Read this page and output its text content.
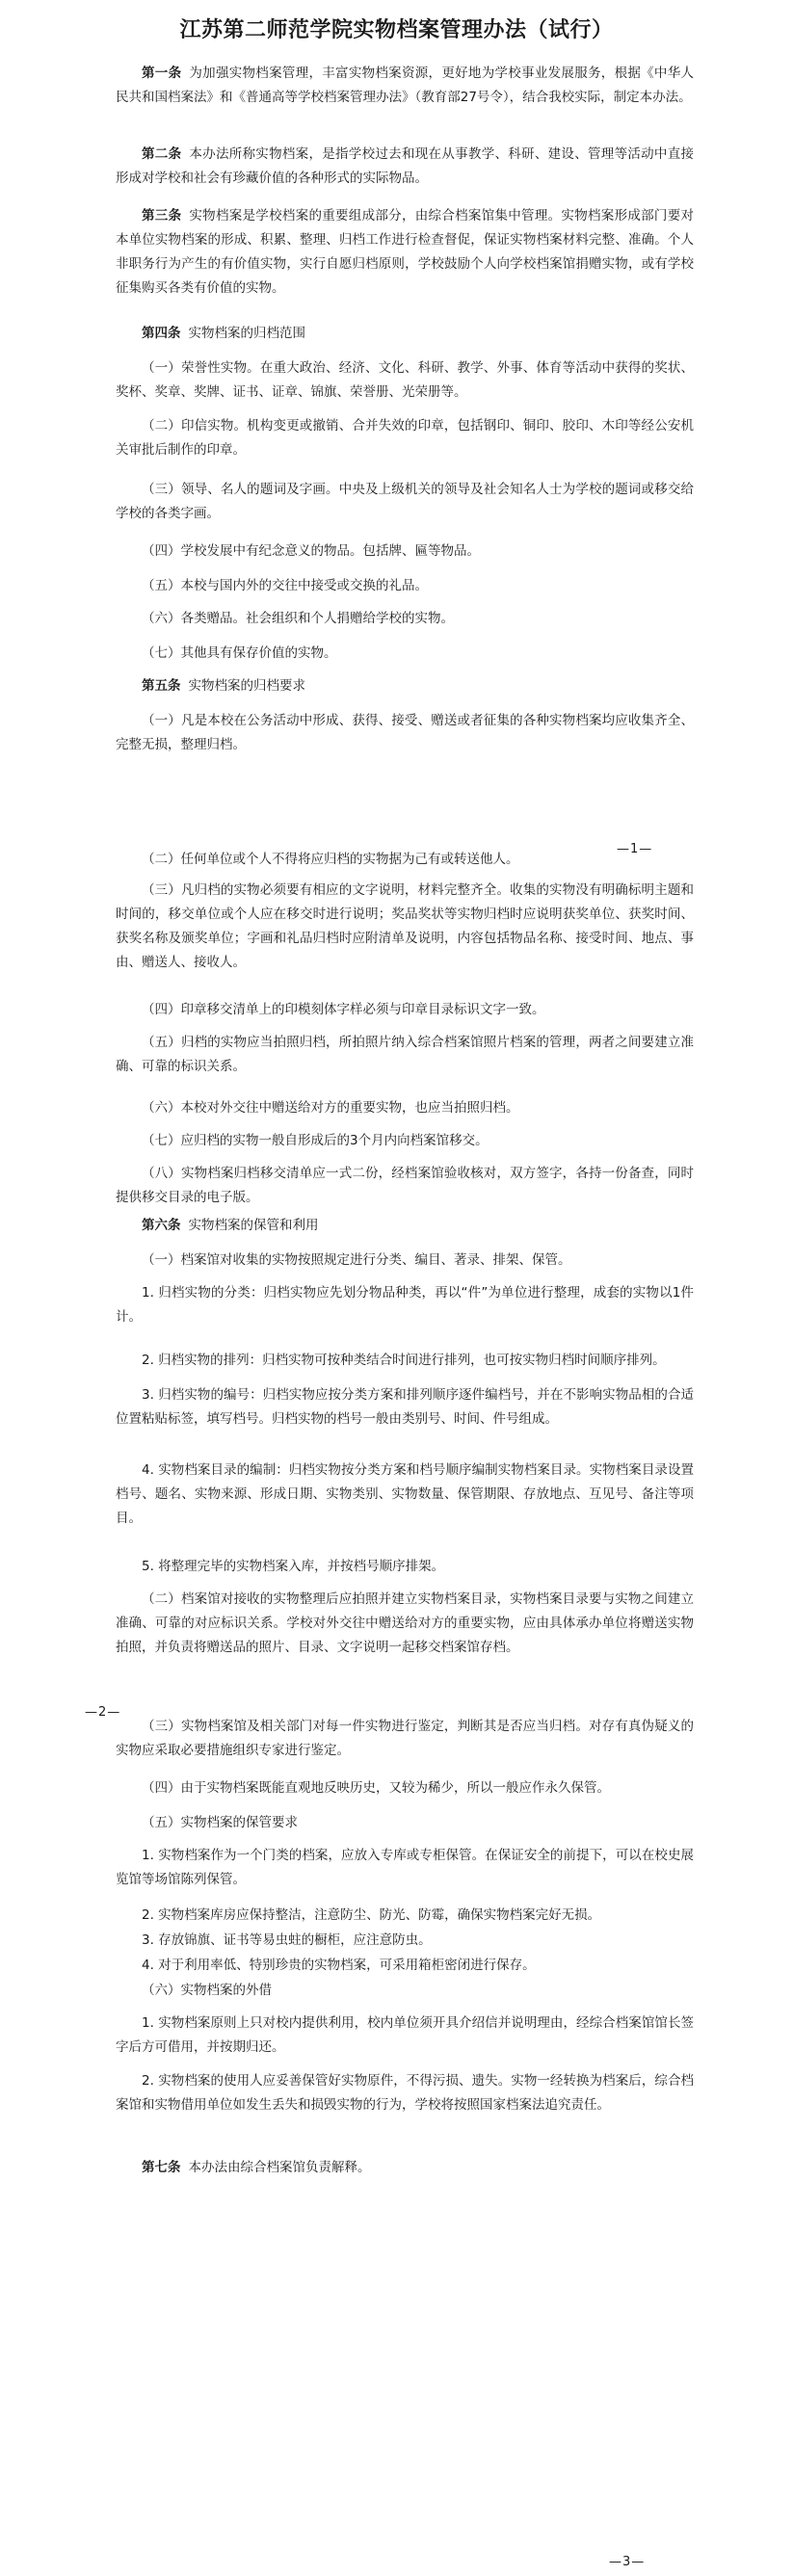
江苏第二师范学院实物档案管理办法（试行）

第一条 为加强实物档案管理，丰富实物档案资源，更好地为学校事业发展服务，根据《中华人民共和国档案法》和《普通高等学校档案管理办法》（教育部27号令），结合我校实际，制定本办法。

第二条 本办法所称实物档案，是指学校过去和现在从事教学、科研、建设、管理等活动中直接形成对学校和社会有珍藏价值的各种形式的实际物品。

第三条 实物档案是学校档案的重要组成部分，由综合档案馆集中管理。实物档案形成部门要对本单位实物档案的形成、积累、整理、归档工作进行检查督促，保证实物档案材料完整、准确。个人非职务行为产生的有价值实物，实行自愿归档原则，学校鼓励个人向学校档案馆捐赠实物，或有学校征集购买各类有价值的实物。

第四条 实物档案的归档范围

（一）荣誉性实物。在重大政治、经济、文化、科研、教学、外事、体育等活动中获得的奖状、奖杯、奖章、奖牌、证书、证章、锦旗、荣誉册、光荣册等。

（二）印信实物。机构变更或撤销、合并失效的印章，包括钢印、铜印、胶印、木印等经公安机关审批后制作的印章。

（三）领导、名人的题词及字画。中央及上级机关的领导及社会知名人士为学校的题词或移交给学校的各类字画。

（四）学校发展中有纪念意义的物品。包括牌、匾等物品。

（五）本校与国内外的交往中接受或交换的礼品。

（六）各类赠品。社会组织和个人捐赠给学校的实物。

（七）其他具有保存价值的实物。

第五条 实物档案的归档要求

（一）凡是本校在公务活动中形成、获得、接受、赠送或者征集的各种实物档案均应收集齐全、完整无损，整理归档。

（二）任何单位或个人不得将应归档的实物据为己有或转送他人。

（三）凡归档的实物必须要有相应的文字说明，材料完整齐全。收集的实物没有明确标明主题和时间的，移交单位或个人应在移交时进行说明；奖品奖状等实物归档时应说明获奖单位、获奖时间、获奖名称及颁奖单位；字画和礼品归档时应附清单及说明，内容包括物品名称、接受时间、地点、事由、赠送人、接收人。

（四）印章移交清单上的印模刻体字样必须与印章目录标识文字一致。

（五）归档的实物应当拍照归档，所拍照片纳入综合档案馆照片档案的管理，两者之间要建立准确、可靠的标识关系。

（六）本校对外交往中赠送给对方的重要实物，也应当拍照归档。

（七）应归档的实物一般自形成后的3个月内向档案馆移交。

（八）实物档案归档移交清单应一式二份，经档案馆验收核对，双方签字，各持一份备查，同时提供移交目录的电子版。

第六条 实物档案的保管和利用

（一）档案馆对收集的实物按照规定进行分类、编目、著录、排架、保管。

1. 归档实物的分类：归档实物应先划分物品种类，再以“件”为单位进行整理，成套的实物以1件计。

2. 归档实物的排列：归档实物可按种类结合时间进行排列，也可按实物归档时间顺序排列。

3. 归档实物的编号：归档实物应按分类方案和排列顺序逐件编档号，并在不影响实物品相的合适位置粘贴标签，填写档号。归档实物的档号一般由类别号、时间、件号组成。

4. 实物档案目录的编制：归档实物按分类方案和档号顺序编制实物档案目录。实物档案目录设置档号、题名、实物来源、形成日期、实物类别、实物数量、保管期限、存放地点、互见号、备注等项目。

5. 将整理完毕的实物档案入库，并按档号顺序排架。

（二）档案馆对接收的实物整理后应拍照并建立实物档案目录，实物档案目录要与实物之间建立准确、可靠的对应标识关系。学校对外交往中赠送给对方的重要实物，应由具体承办单位将赠送实物拍照，并负责将赠送品的照片、目录、文字说明一起移交档案馆存档。

（三）实物档案馆及相关部门对每一件实物进行鉴定，判断其是否应当归档。对存有真伪疑义的实物应采取必要措施组织专家进行鉴定。

（四）由于实物档案既能直观地反映历史，又较为稀少，所以一般应作永久保管。

（五）实物档案的保管要求

1. 实物档案作为一个门类的档案，应放入专库或专柜保管。在保证安全的前提下，可以在校史展览馆等场馆陈列保管。

2. 实物档案库房应保持整洁，注意防尘、防光、防霉，确保实物档案完好无损。

3. 存放锦旗、证书等易虫蛀的橱柜，应注意防虫。

4. 对于利用率低、特别珍贵的实物档案，可采用箱柜密闭进行保存。

（六）实物档案的外借

1. 实物档案原则上只对校内提供利用，校内单位须开具介绍信并说明理由，经综合档案馆馆长签字后方可借用，并按期归还。

2. 实物档案的使用人应妥善保管好实物原件，不得污损、遗失。实物一经转换为档案后，综合档案馆和实物借用单位如发生丢失和损毁实物的行为，学校将按照国家档案法追究责任。

第七条 本办法由综合档案馆负责解释。

—1—
—2—
—3—
